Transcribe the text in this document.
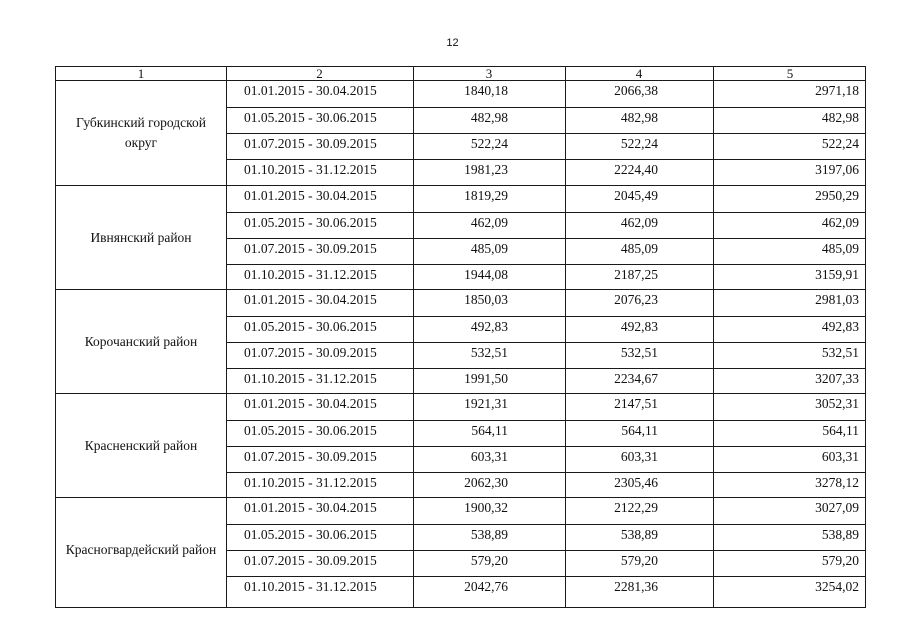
12
1	2	3	4	5
Губкинский городской округ
01.01.2015 - 30.04.2015	1840,18	2066,38	2971,18
01.05.2015 - 30.06.2015	482,98	482,98	482,98
01.07.2015 - 30.09.2015	522,24	522,24	522,24
01.10.2015 - 31.12.2015	1981,23	2224,40	3197,06
Ивнянский район
01.01.2015 - 30.04.2015	1819,29	2045,49	2950,29
01.05.2015 - 30.06.2015	462,09	462,09	462,09
01.07.2015 - 30.09.2015	485,09	485,09	485,09
01.10.2015 - 31.12.2015	1944,08	2187,25	3159,91
Корочанский район
01.01.2015 - 30.04.2015	1850,03	2076,23	2981,03
01.05.2015 - 30.06.2015	492,83	492,83	492,83
01.07.2015 - 30.09.2015	532,51	532,51	532,51
01.10.2015 - 31.12.2015	1991,50	2234,67	3207,33
Красненский район
01.01.2015 - 30.04.2015	1921,31	2147,51	3052,31
01.05.2015 - 30.06.2015	564,11	564,11	564,11
01.07.2015 - 30.09.2015	603,31	603,31	603,31
01.10.2015 - 31.12.2015	2062,30	2305,46	3278,12
Красногвардейский район
01.01.2015 - 30.04.2015	1900,32	2122,29	3027,09
01.05.2015 - 30.06.2015	538,89	538,89	538,89
01.07.2015 - 30.09.2015	579,20	579,20	579,20
01.10.2015 - 31.12.2015	2042,76	2281,36	3254,02
